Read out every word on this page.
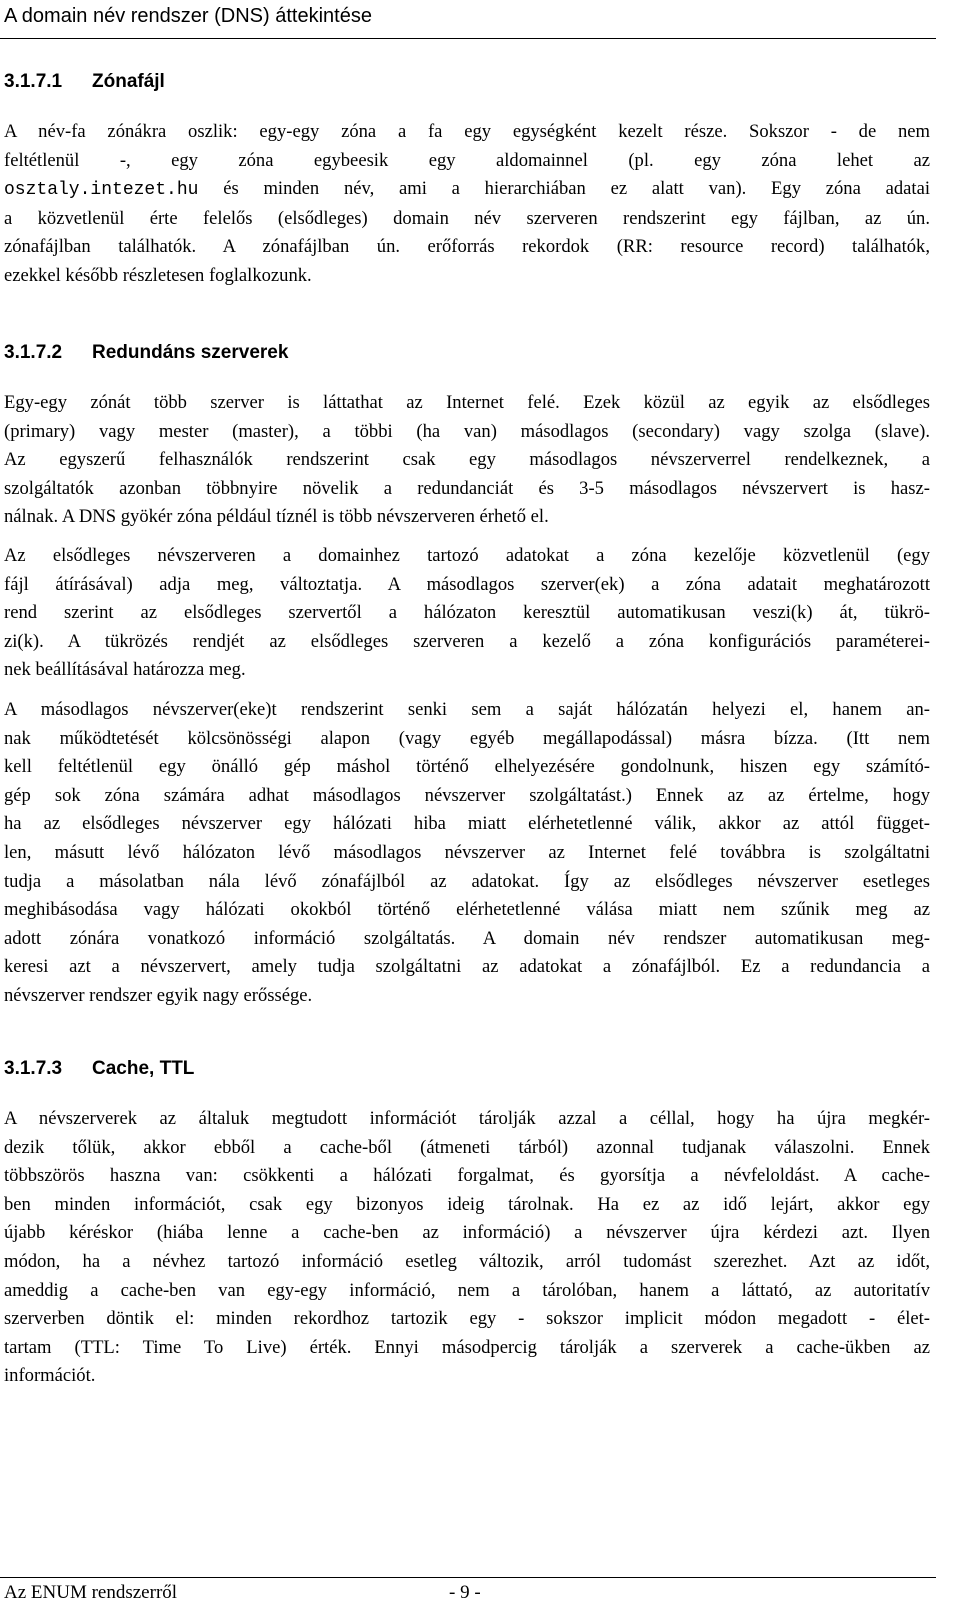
A domain név rendszer (DNS) áttekintése
3.1.7.1 Zónafájl
A név-fa zónákra oszlik: egy-egy zóna a fa egy egységként kezelt része. Sokszor - de nem
feltétlenül -, egy zóna egybeesik egy aldomainnel (pl. egy zóna lehet az
osztaly.intezet.hu és minden név, ami a hierarchiában ez alatt van). Egy zóna adatai
a közvetlenül érte felelős (elsődleges) domain név szerveren rendszerint egy fájlban, az ún.
zónafájlban találhatók. A zónafájlban ún. erőforrás rekordok (RR: resource record) találhatók,
ezekkel később részletesen foglalkozunk.
3.1.7.2 Redundáns szerverek
Egy-egy zónát több szerver is láttathat az Internet felé. Ezek közül az egyik az elsődleges
(primary) vagy mester (master), a többi (ha van) másodlagos (secondary) vagy szolga (slave).
Az egyszerű felhasználók rendszerint csak egy másodlagos névszerverrel rendelkeznek, a
szolgáltatók azonban többnyire növelik a redundanciát és 3-5 másodlagos névszervert is hasz-
nálnak. A DNS gyökér zóna például tíznél is több névszerveren érhető el.
Az elsődleges névszerveren a domainhez tartozó adatokat a zóna kezelője közvetlenül (egy
fájl átírásával) adja meg, változtatja. A másodlagos szerver(ek) a zóna adatait meghatározott
rend szerint az elsődleges szervertől a hálózaton keresztül automatikusan veszi(k) át, tükrö-
zi(k). A tükrözés rendjét az elsődleges szerveren a kezelő a zóna konfigurációs paraméterei-
nek beállításával határozza meg.
A másodlagos névszerver(eke)t rendszerint senki sem a saját hálózatán helyezi el, hanem an-
nak működtetését kölcsönösségi alapon (vagy egyéb megállapodással) másra bízza. (Itt nem
kell feltétlenül egy önálló gép máshol történő elhelyezésére gondolnunk, hiszen egy számító-
gép sok zóna számára adhat másodlagos névszerver szolgáltatást.) Ennek az az értelme, hogy
ha az elsődleges névszerver egy hálózati hiba miatt elérhetetlenné válik, akkor az attól függet-
len, másutt lévő hálózaton lévő másodlagos névszerver az Internet felé továbbra is szolgáltatni
tudja a másolatban nála lévő zónafájlból az adatokat. Így az elsődleges névszerver esetleges
meghibásodása vagy hálózati okokból történő elérhetetlenné válása miatt nem szűnik meg az
adott zónára vonatkozó információ szolgáltatás. A domain név rendszer automatikusan meg-
keresi azt a névszervert, amely tudja szolgáltatni az adatokat a zónafájlból. Ez a redundancia a
névszerver rendszer egyik nagy erőssége.
3.1.7.3 Cache, TTL
A névszerverek az általuk megtudott információt tárolják azzal a céllal, hogy ha újra megkér-
dezik tőlük, akkor ebből a cache-ből (átmeneti tárból) azonnal tudjanak válaszolni. Ennek
többszörös haszna van: csökkenti a hálózati forgalmat, és gyorsítja a névfeloldást. A cache-
ben minden információt, csak egy bizonyos ideig tárolnak. Ha ez az idő lejárt, akkor egy
újabb kéréskor (hiába lenne a cache-ben az információ) a névszerver újra kérdezi azt. Ilyen
módon, ha a névhez tartozó információ esetleg változik, arról tudomást szerezhet. Azt az időt,
ameddig a cache-ben van egy-egy információ, nem a tárolóban, hanem a láttató, az autoritatív
szerverben döntik el: minden rekordhoz tartozik egy - sokszor implicit módon megadott - élet-
tartam (TTL: Time To Live) érték. Ennyi másodpercig tárolják a szerverek a cache-ükben az
információt.
Az ENUM rendszerről	- 9 -
